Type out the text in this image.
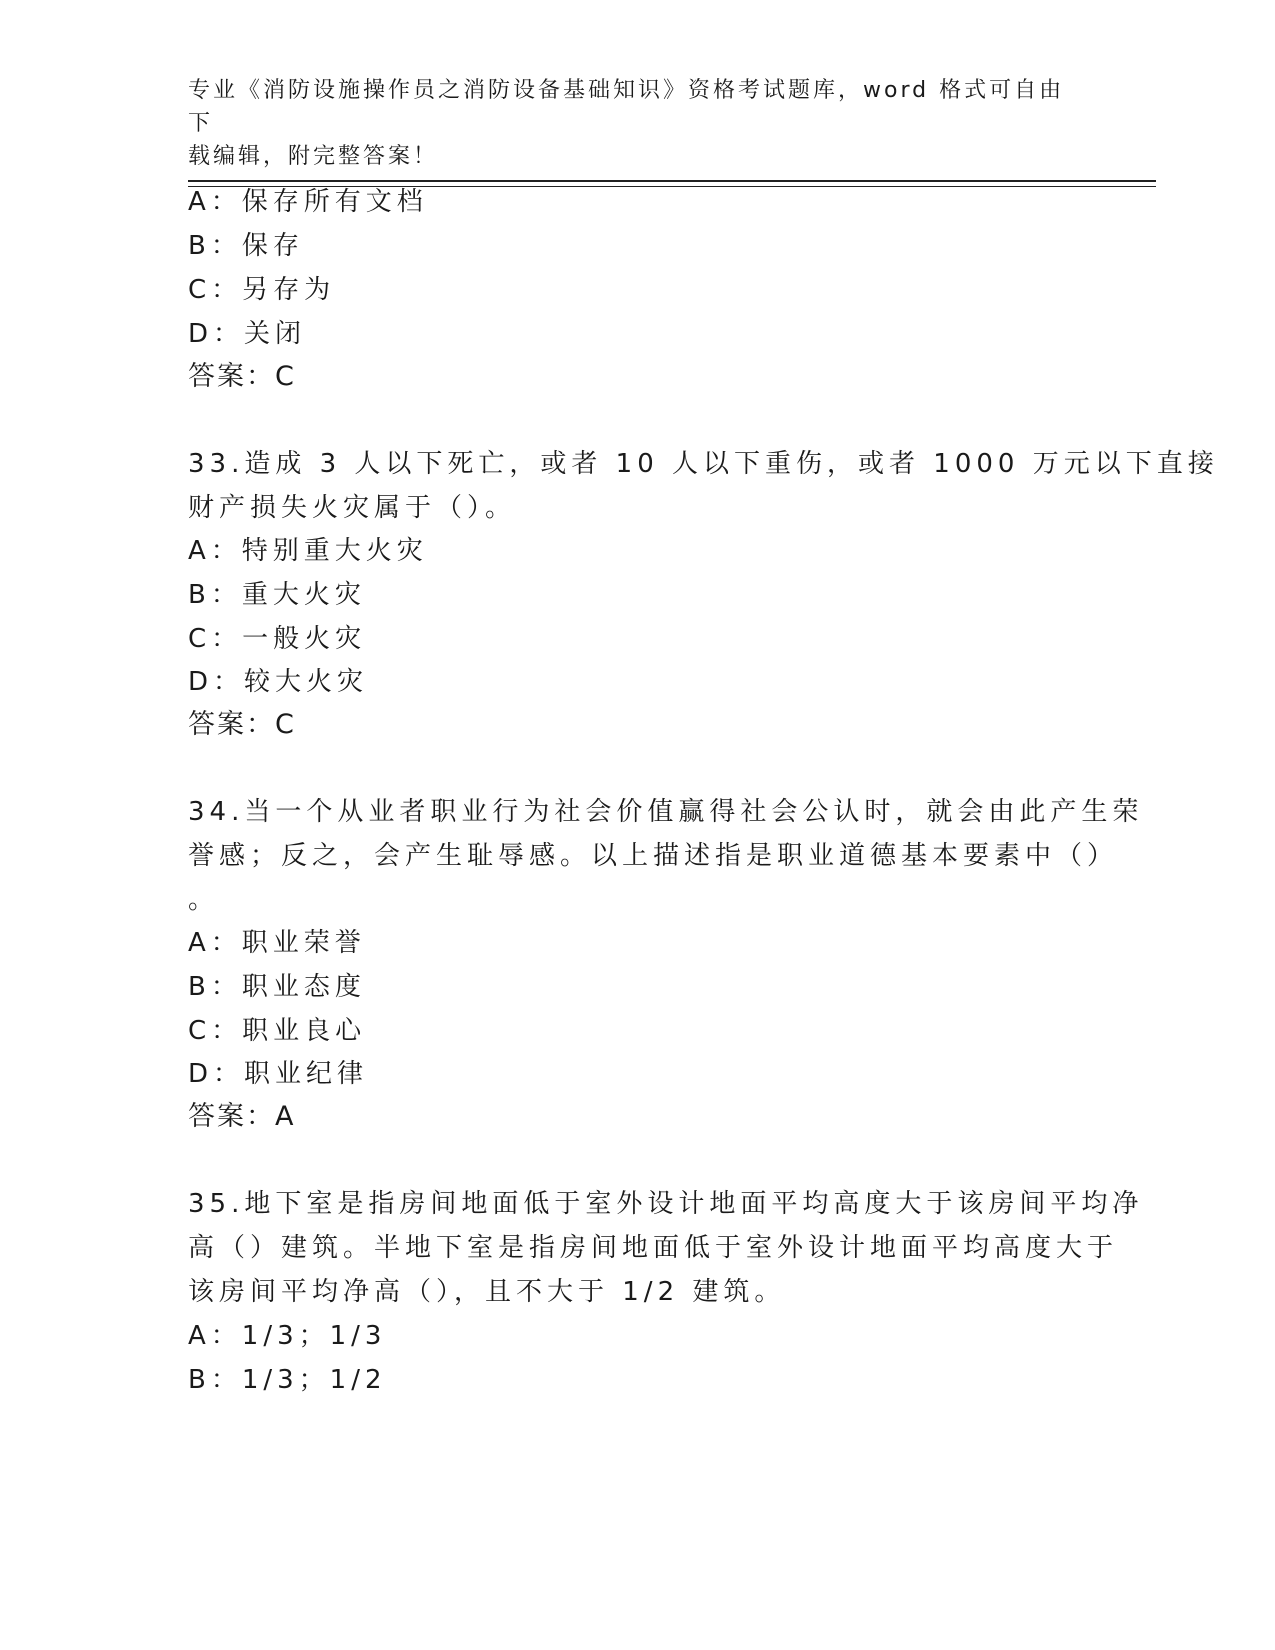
专业《消防设施操作员之消防设备基础知识》资格考试题库，word 格式可自由下
载编辑，附完整答案！
A：保存所有文档
B：保存
C：另存为
D：关闭
答案：C
33.造成 3 人以下死亡，或者 10 人以下重伤，或者 1000 万元以下直接
财产损失火灾属于（）。
A：特别重大火灾
B：重大火灾
C：一般火灾
D：较大火灾
答案：C
34.当一个从业者职业行为社会价值赢得社会公认时，就会由此产生荣
誉感；反之，会产生耻辱感。以上描述指是职业道德基本要素中（）
。
A：职业荣誉
B：职业态度
C：职业良心
D：职业纪律
答案：A
35.地下室是指房间地面低于室外设计地面平均高度大于该房间平均净
高（）建筑。半地下室是指房间地面低于室外设计地面平均高度大于
该房间平均净高（），且不大于 1/2 建筑。
A：1/3；1/3
B：1/3；1/2
